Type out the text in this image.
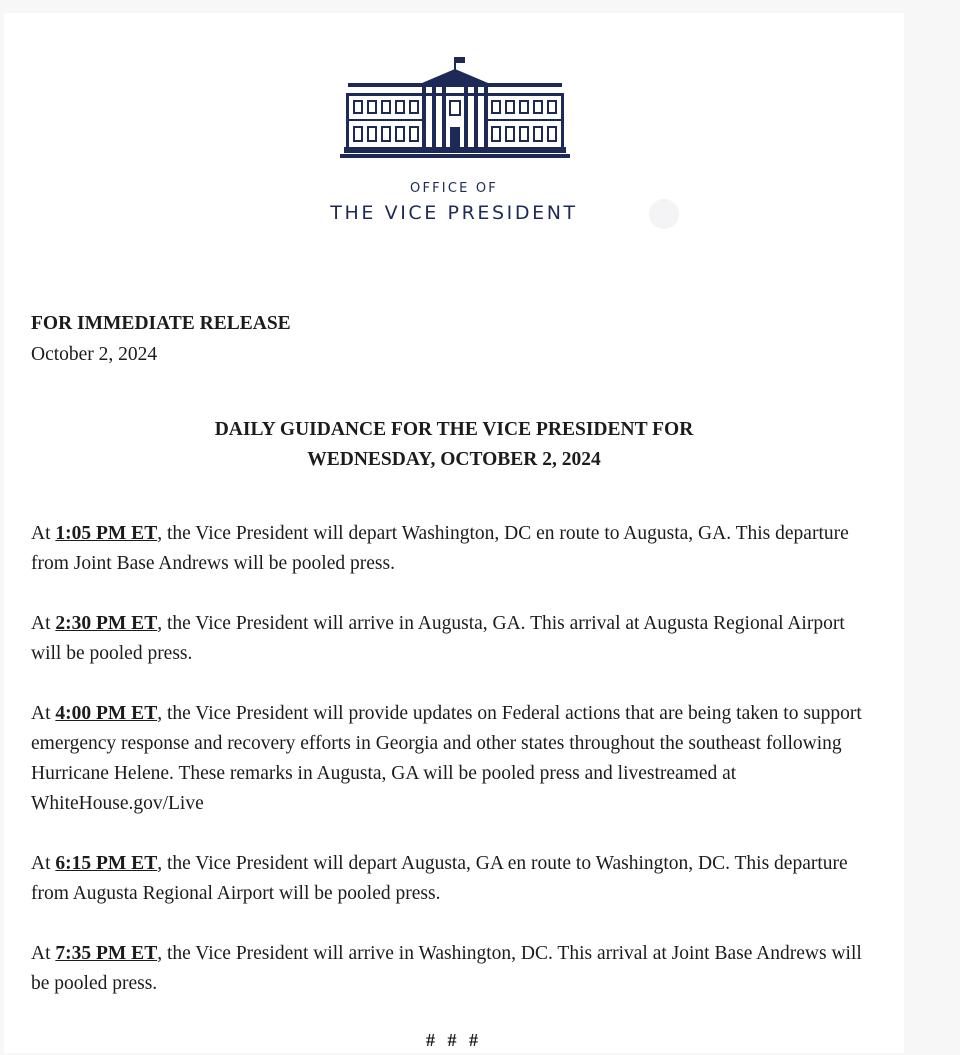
OFFICE OF
THE VICE PRESIDENT
FOR IMMEDIATE RELEASE
October 2, 2024
DAILY GUIDANCE FOR THE VICE PRESIDENT FOR
WEDNESDAY, OCTOBER 2, 2024

At 1:05 PM ET, the Vice President will depart Washington, DC en route to Augusta, GA. This departure from Joint Base Andrews will be pooled press.

At 2:30 PM ET, the Vice President will arrive in Augusta, GA. This arrival at Augusta Regional Airport will be pooled press.

At 4:00 PM ET, the Vice President will provide updates on Federal actions that are being taken to support emergency response and recovery efforts in Georgia and other states throughout the southeast following Hurricane Helene. These remarks in Augusta, GA will be pooled press and livestreamed at WhiteHouse.gov/Live

At 6:15 PM ET, the Vice President will depart Augusta, GA en route to Washington, DC. This departure from Augusta Regional Airport will be pooled press.

At 7:35 PM ET, the Vice President will arrive in Washington, DC. This arrival at Joint Base Andrews will be pooled press.

# # #
